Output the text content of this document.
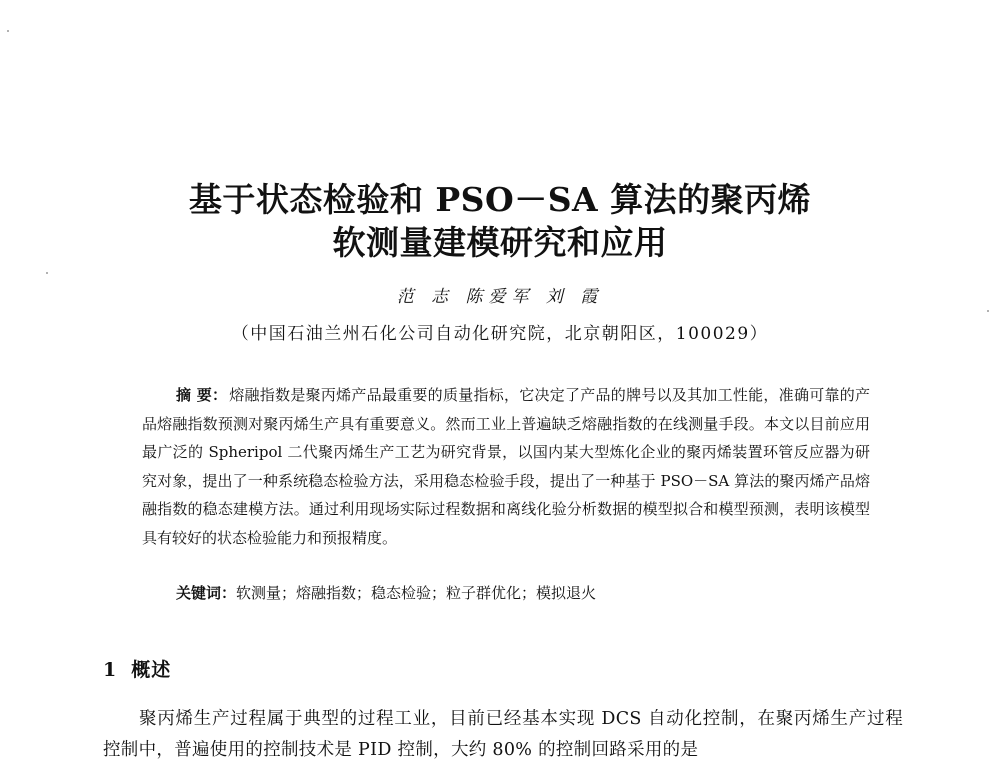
基于状态检验和 PSO－SA 算法的聚丙烯
软测量建模研究和应用
范 志 陈爱军 刘 霞
（中国石油兰州石化公司自动化研究院，北京朝阳区，100029）
摘 要： 熔融指数是聚丙烯产品最重要的质量指标，它决定了产品的牌号以及其加工性能，准确可靠的产品熔融指数预测对聚丙烯生产具有重要意义。然而工业上普遍缺乏熔融指数的在线测量手段。本文以目前应用最广泛的 Spheripol 二代聚丙烯生产工艺为研究背景，以国内某大型炼化企业的聚丙烯装置环管反应器为研究对象，提出了一种系统稳态检验方法，采用稳态检验手段，提出了一种基于 PSO－SA 算法的聚丙烯产品熔融指数的稳态建模方法。通过利用现场实际过程数据和离线化验分析数据的模型拟合和模型预测，表明该模型具有较好的状态检验能力和预报精度。
关键词：软测量；熔融指数；稳态检验；粒子群优化；模拟退火
1 概述
聚丙烯生产过程属于典型的过程工业，目前已经基本实现 DCS 自动化控制，在聚丙烯生产过程控制中，普遍使用的控制技术是 PID 控制，大约 80% 的控制回路采用的是
